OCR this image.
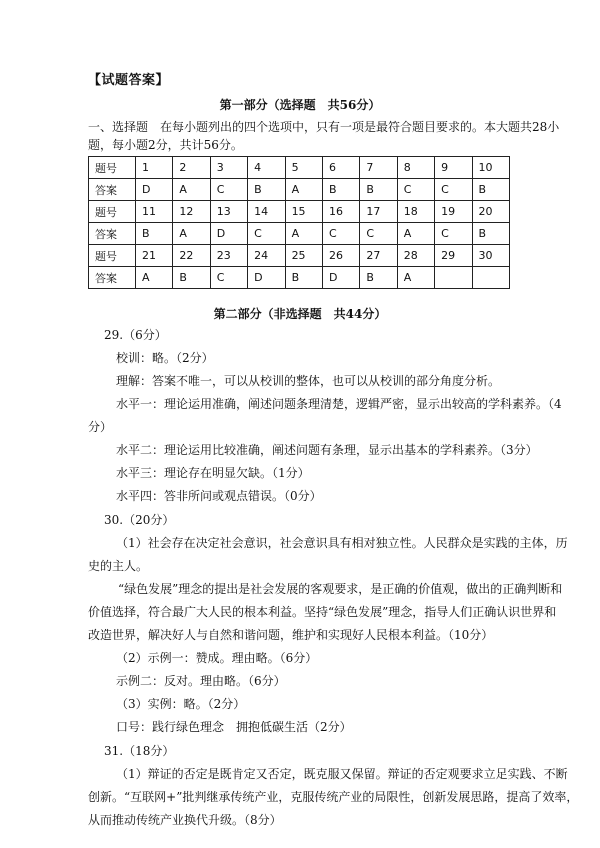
【试题答案】
第一部分（选择题　共56分）
一、选择题　在每小题列出的四个选项中，只有一项是最符合题目要求的。本大题共28小
题，每小题2分，共计56分。
题号	1	2	3	4	5	6	7	8	9	10
答案	D	A	C	B	A	B	B	C	C	B
题号	11	12	13	14	15	16	17	18	19	20
答案	B	A	D	C	A	C	C	A	C	B
题号	21	22	23	24	25	26	27	28	29	30
答案	A	B	C	D	B	D	B	A		
第二部分（非选择题　共44分）
29.（6分）
校训：略。（2分）
理解：答案不唯一，可以从校训的整体，也可以从校训的部分角度分析。
水平一：理论运用准确，阐述问题条理清楚，逻辑严密，显示出较高的学科素养。（4
分）
水平二：理论运用比较准确，阐述问题有条理，显示出基本的学科素养。（3分）
水平三：理论存在明显欠缺。（1分）
水平四：答非所问或观点错误。（0分）
30.（20分）
（1）社会存在决定社会意识，社会意识具有相对独立性。人民群众是实践的主体，历
史的主人。
“绿色发展”理念的提出是社会发展的客观要求，是正确的价值观，做出的正确判断和
价值选择，符合最广大人民的根本利益。坚持“绿色发展”理念，指导人们正确认识世界和
改造世界，解决好人与自然和谐问题，维护和实现好人民根本利益。（10分）
（2）示例一：赞成。理由略。（6分）
示例二：反对。理由略。（6分）
（3）实例：略。（2分）
口号：践行绿色理念　拥抱低碳生活（2分）
31.（18分）
（1）辩证的否定是既肯定又否定，既克服又保留。辩证的否定观要求立足实践、不断
创新。“互联网+”批判继承传统产业，克服传统产业的局限性，创新发展思路，提高了效率，
从而推动传统产业换代升级。（8分）
